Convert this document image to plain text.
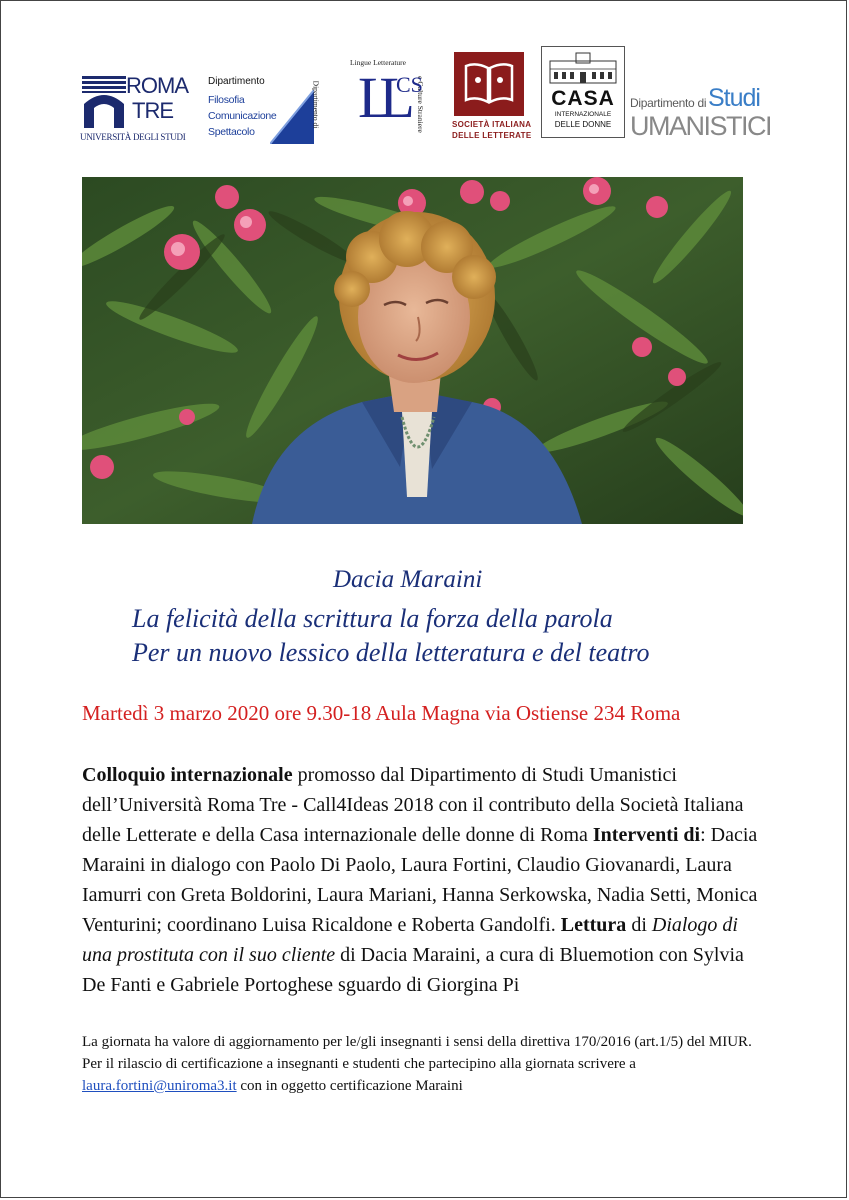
ROMA
TRE
UNIVERSITÀ DEGLI STUDI
Dipartimento
Filosofia
Comunicazione
Spettacolo
Lingue Letterature
Dipartimento di	e Culture Straniere
LL
CS
SOCIETÀ ITALIANA
DELLE LETTERATE
CASA
INTERNAZIONALE
DELLE DONNE
Dipartimento di Studi
UMANISTICI
Dacia Maraini
La felicità della scrittura la forza della parola
Per un nuovo lessico della letteratura e del teatro
Martedì 3 marzo 2020 ore 9.30-18 Aula Magna via Ostiense 234 Roma

Colloquio internazionale promosso dal Dipartimento di Studi Umanistici dell’Università Roma Tre - Call4Ideas 2018 con il contributo della Società Italiana delle Letterate e della Casa internazionale delle donne di Roma Interventi di: Dacia Maraini in dialogo con Paolo Di Paolo, Laura Fortini, Claudio Giovanardi, Laura Iamurri con Greta Boldorini, Laura Mariani, Hanna Serkowska, Nadia Setti, Monica Venturini; coordinano Luisa Ricaldone e Roberta Gandolfi. Lettura di Dialogo di una prostituta con il suo cliente di Dacia Maraini, a cura di Bluemotion con Sylvia De Fanti e Gabriele Portoghese sguardo di Giorgina Pi

La giornata ha valore di aggiornamento per le/gli insegnanti i sensi della direttiva 170/2016 (art.1/5) del MIUR. Per il rilascio di certificazione a insegnanti e studenti che partecipino alla giornata scrivere a laura.fortini@uniroma3.it con in oggetto certificazione Maraini
